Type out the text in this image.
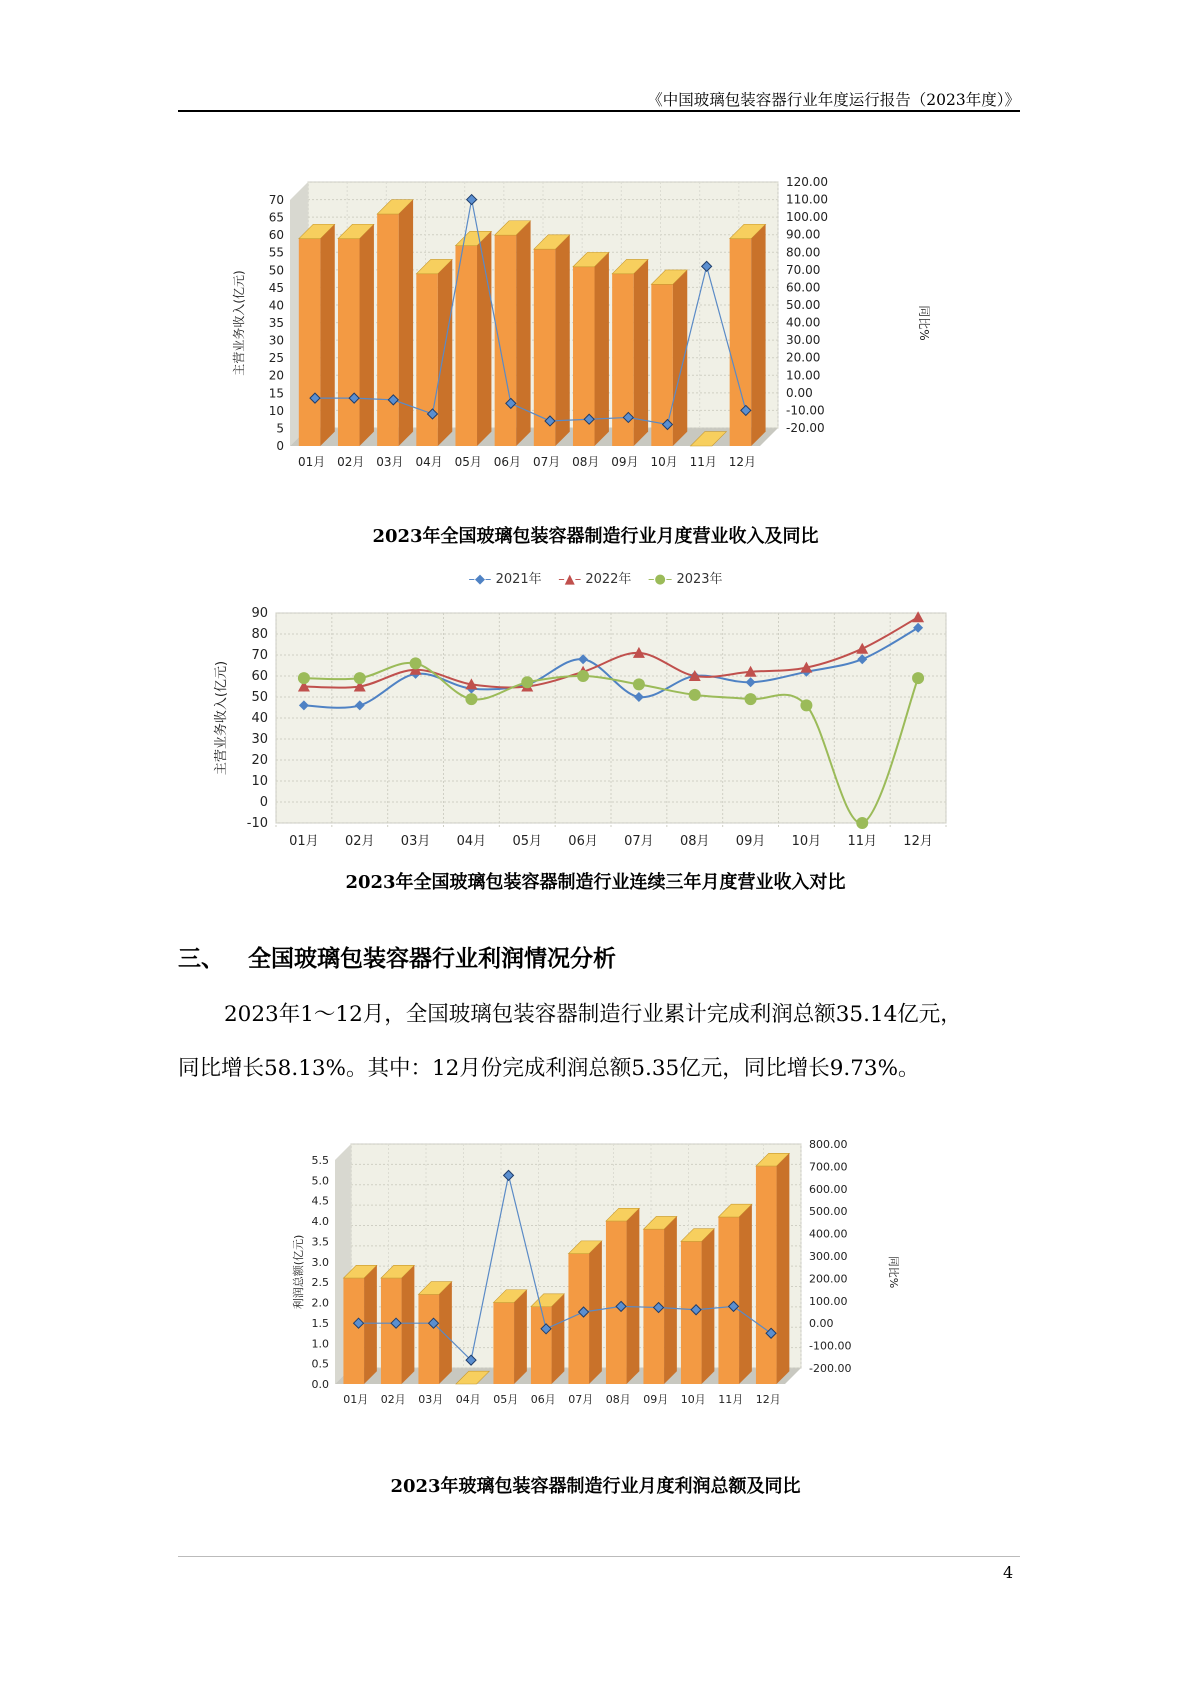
《中国玻璃包装容器行业年度运行报告（2023年度）》
0
5
10
15
20
25
30
35
40
45
50
55
60
65
70
-20.00
-10.00
0.00
10.00
20.00
30.00
40.00
50.00
60.00
70.00
80.00
90.00
100.00
110.00
120.00
主营业务收入(亿元)	同比%
01月 02月 03月 04月 05月 06月 07月 08月 09月 10月 11月 12月
2023年全国玻璃包装容器制造行业月度营业收入及同比
–◆– 2021年 –▲– 2022年 –●– 2023年
-10
0
10
20
30
40
50
60
70
80
90
01月 02月 03月 04月 05月 06月 07月 08月 09月 10月 11月 12月
主营业务收入(亿元)
2023年全国玻璃包装容器制造行业连续三年月度营业收入对比
三、 全国玻璃包装容器行业利润情况分析
2023年1～12月，全国玻璃包装容器制造行业累计完成利润总额35.14亿元，
同比增长58.13%。其中：12月份完成利润总额5.35亿元，同比增长9.73%。
0.0
0.5
1.0
1.5
2.0
2.5
3.0
3.5
4.0
4.5
5.0
5.5
-200.00
-100.00
0.00
100.00
200.00
300.00
400.00
500.00
600.00
700.00
800.00
利润总额(亿元)	同比%
01月 02月 03月 04月 05月 06月 07月 08月 09月 10月 11月 12月
2023年玻璃包装容器制造行业月度利润总额及同比
4
